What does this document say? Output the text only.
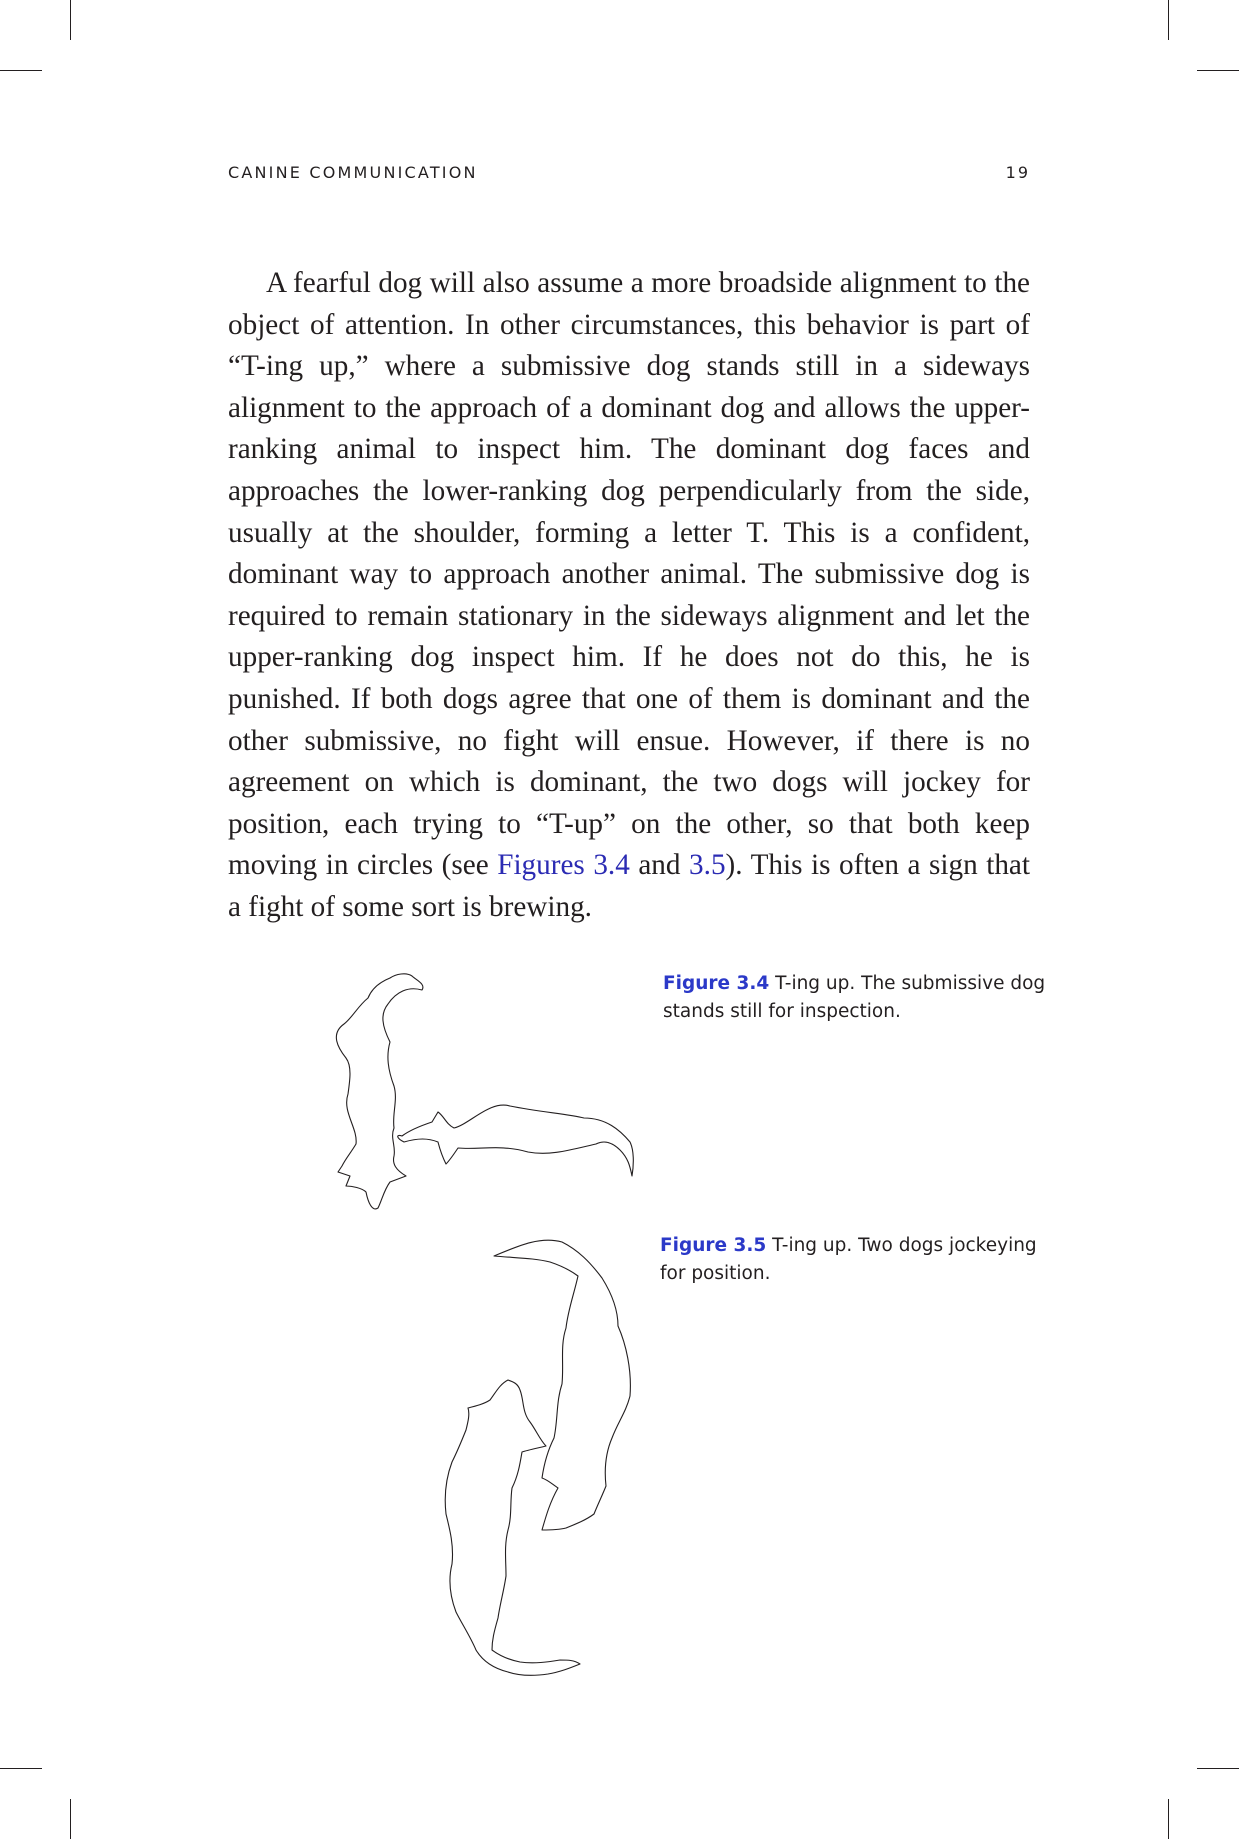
CANINE COMMUNICATION	19

A fearful dog will also assume a more broadside alignment to the object of attention. In other circumstances, this behavior is part of “T-ing up,” where a submissive dog stands still in a sideways alignment to the approach of a dominant dog and allows the upper-ranking animal to inspect him. The dominant dog faces and approaches the lower-ranking dog perpendicularly from the side, usually at the shoulder, forming a letter T. This is a confident, dominant way to approach another animal. The submissive dog is required to remain stationary in the sideways alignment and let the upper-ranking dog inspect him. If he does not do this, he is punished. If both dogs agree that one of them is dominant and the other submissive, no fight will ensue. However, if there is no agreement on which is dominant, the two dogs will jockey for position, each trying to “T-up” on the other, so that both keep moving in circles (see Figures 3.4 and 3.5). This is often a sign that a fight of some sort is brewing.

Figure 3.4 T-ing up. The submissive dog stands still for inspection.

Figure 3.5 T-ing up. Two dogs jockeying for position.
